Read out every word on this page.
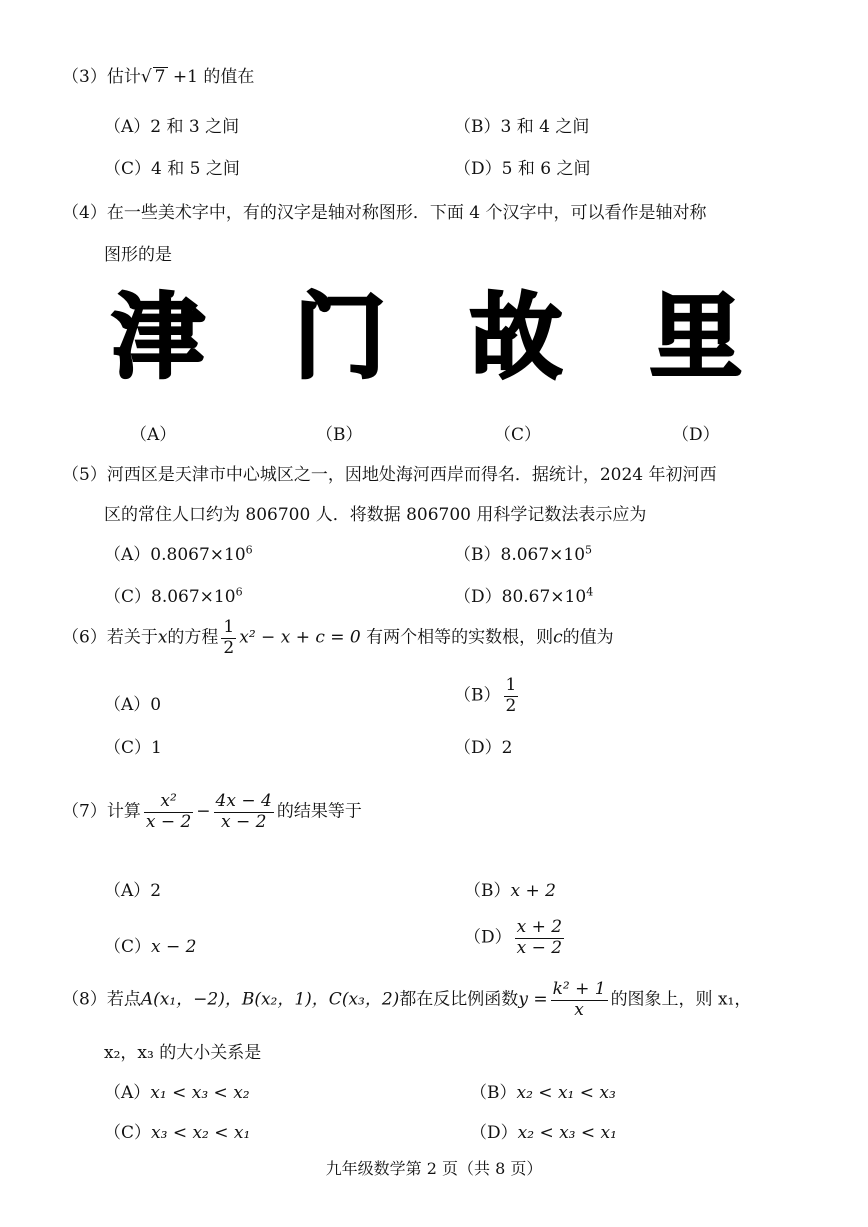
（3）估计√ 7 +1 的值在
（A）2 和 3 之间	（B）3 和 4 之间
（C）4 和 5 之间	（D）5 和 6 之间
（4）在一些美术字中，有的汉字是轴对称图形．下面 4 个汉字中，可以看作是轴对称
图形的是
津 门 故 里
（A）	（B）	（C）	（D）
（5）河西区是天津市中心城区之一，因地处海河西岸而得名．据统计，2024 年初河西
区的常住人口约为 806700 人．将数据 806700 用科学记数法表示应为
$(A)0.8067\times 10^6$	$(B)8.067\times 10^5$
$(C)8.067\times 10^6$	$(D)80.67\times 10^4$
（6）若关于x的方程 $\frac{1}{2} x^2 - x + c = 0$ 有两个相等的实数根，则c的值为
（A）0	$(B) \frac{1}{2}$
（C）1	（D）2
（7）计算 $\frac{\text{x²}}{x - 2} - \frac{4x - 4}{x - 2}$ 的结果等于
（A）2	（B）x + 2
（C）x − 2	$(D) \frac{x + 2}{x - 2}$
（8）若点A(x₁，−2)，B(x₂，1)，C(x₃，2)都在反比例函数$y = \frac{\text{k² + 1}}{x}$ 的图象上，则 x₁，
x₂，x₃ 的大小关系是
（A）x₁ < x₃ < x₂	（B）x₂ < x₁ < x₃
（C）x₃ < x₂ < x₁	（D）x₂ < x₃ < x₁
九年级数学第 2 页（共 8 页）
